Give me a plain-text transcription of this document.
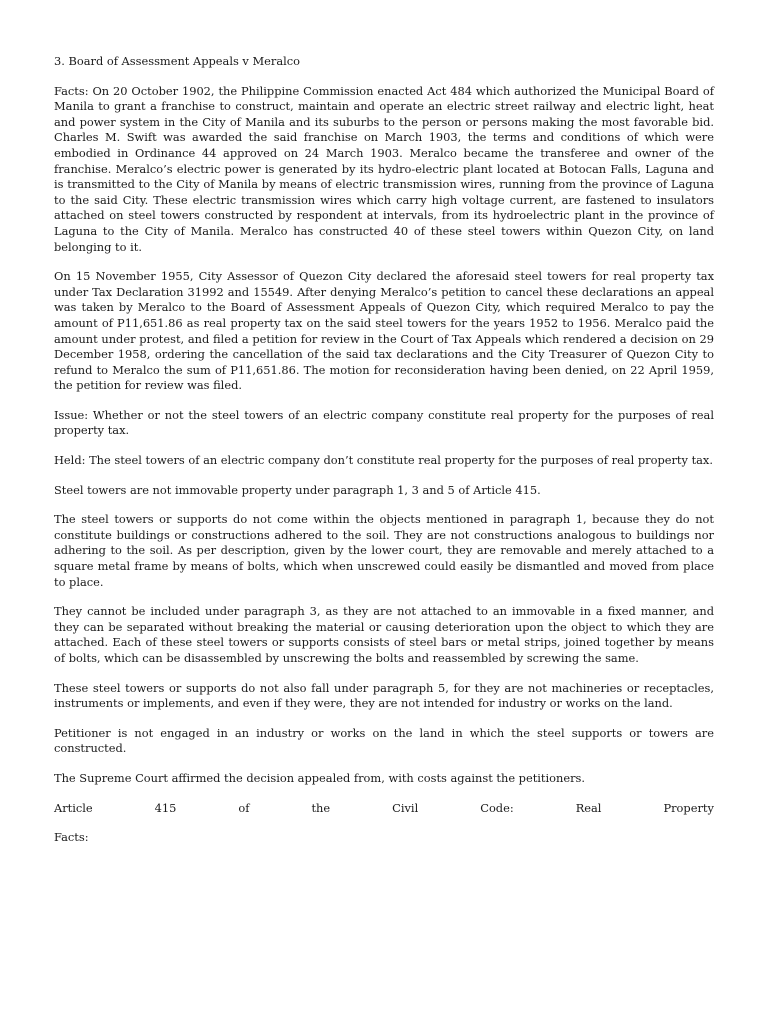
3. Board of Assessment Appeals v Meralco

Facts: On 20 October 1902, the Philippine Commission enacted Act 484 which authorized the Municipal Board of Manila to grant a franchise to construct, maintain and operate an electric street railway and electric light, heat and power system in the City of Manila and its suburbs to the person or persons making the most favorable bid. Charles M. Swift was awarded the said franchise on March 1903, the terms and conditions of which were embodied in Ordinance 44 approved on 24 March 1903. Meralco became the transferee and owner of the franchise. Meralco’s electric power is generated by its hydro-electric plant located at Botocan Falls, Laguna and is transmitted to the City of Manila by means of electric transmission wires, running from the province of Laguna to the said City. These electric transmission wires which carry high voltage current, are fastened to insulators attached on steel towers constructed by respondent at intervals, from its hydroelectric plant in the province of Laguna to the City of Manila. Meralco has constructed 40 of these steel towers within Quezon City, on land belonging to it.

On 15 November 1955, City Assessor of Quezon City declared the aforesaid steel towers for real property tax under Tax Declaration 31992 and 15549. After denying Meralco’s petition to cancel these declarations an appeal was taken by Meralco to the Board of Assessment Appeals of Quezon City, which required Meralco to pay the amount of P11,651.86 as real property tax on the said steel towers for the years 1952 to 1956. Meralco paid the amount under protest, and filed a petition for review in the Court of Tax Appeals which rendered a decision on 29 December 1958, ordering the cancellation of the said tax declarations and the City Treasurer of Quezon City to refund to Meralco the sum of P11,651.86. The motion for reconsideration having been denied, on 22 April 1959, the petition for review was filed.

Issue: Whether or not the steel towers of an electric company constitute real property for the purposes of real property tax.

Held: The steel towers of an electric company don’t constitute real property for the purposes of real property tax.

Steel towers are not immovable property under paragraph 1, 3 and 5 of Article 415.

The steel towers or supports do not come within the objects mentioned in paragraph 1, because they do not constitute buildings or constructions adhered to the soil. They are not constructions analogous to buildings nor adhering to the soil. As per description, given by the lower court, they are removable and merely attached to a square metal frame by means of bolts, which when unscrewed could easily be dismantled and moved from place to place.

They cannot be included under paragraph 3, as they are not attached to an immovable in a fixed manner, and they can be separated without breaking the material or causing deterioration upon the object to which they are attached. Each of these steel towers or supports consists of steel bars or metal strips, joined together by means of bolts, which can be disassembled by unscrewing the bolts and reassembled by screwing the same.

These steel towers or supports do not also fall under paragraph 5, for they are not machineries or receptacles, instruments or implements, and even if they were, they are not intended for industry or works on the land.

Petitioner is not engaged in an industry or works on the land in which the steel supports or towers are constructed.

The Supreme Court affirmed the decision appealed from, with costs against the petitioners.

Article	415	of	the	Civil	Code:	Real	Property

Facts:
